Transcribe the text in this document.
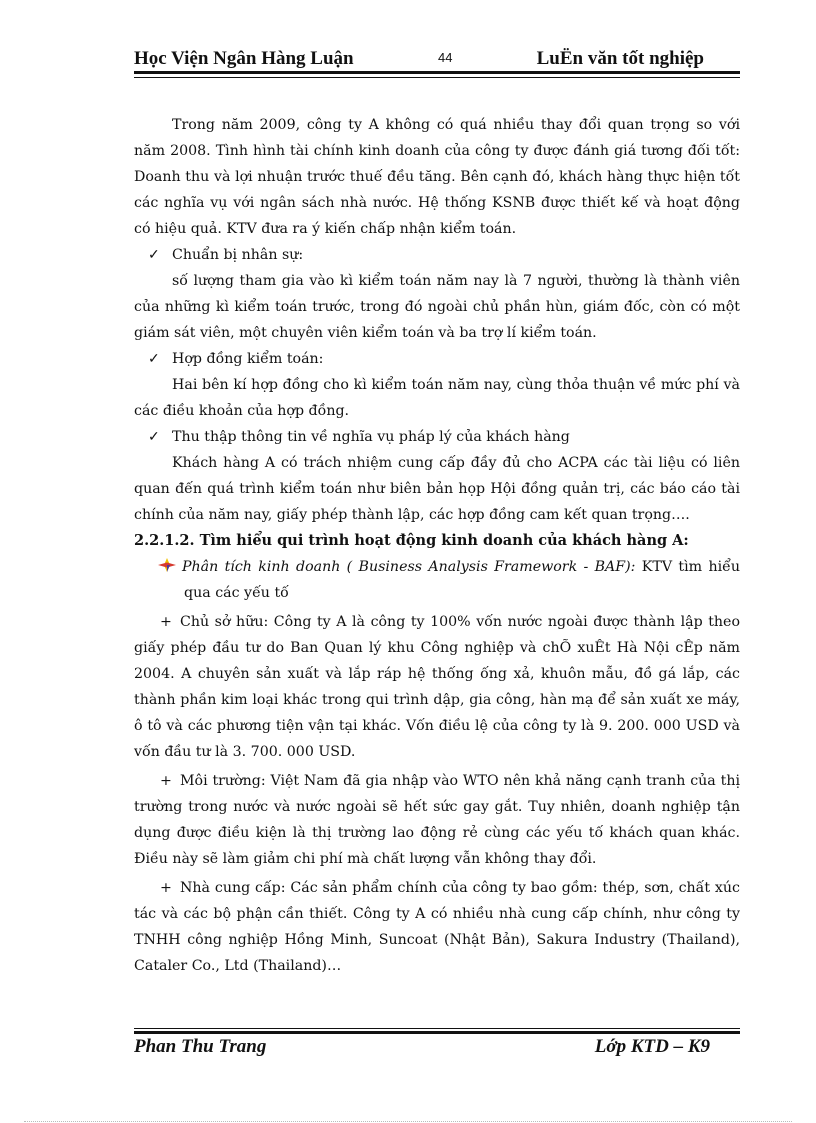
Học Viện Ngân Hàng Luận	44	LuËn văn tốt nghiệp

Trong năm 2009, công ty A không có quá nhiều thay đổi quan trọng so với năm 2008. Tình hình tài chính kinh doanh của công ty được đánh giá tương đối tốt: Doanh thu và lợi nhuận trước thuế đều tăng. Bên cạnh đó, khách hàng thực hiện tốt các nghĩa vụ với ngân sách nhà nước. Hệ thống KSNB được thiết kế và hoạt động có hiệu quả. KTV đưa ra ý kiến chấp nhận kiểm toán.

✓ Chuẩn bị nhân sự:

số lượng tham gia vào kì kiểm toán năm nay là 7 người, thường là thành viên của những kì kiểm toán trước, trong đó ngoài chủ phần hùn, giám đốc, còn có một giám sát viên, một chuyên viên kiểm toán và ba trợ lí kiểm toán.

✓ Hợp đồng kiểm toán:

Hai bên kí hợp đồng cho kì kiểm toán năm nay, cùng thỏa thuận về mức phí và các điều khoản của hợp đồng.

✓ Thu thập thông tin về nghĩa vụ pháp lý của khách hàng

Khách hàng A có trách nhiệm cung cấp đầy đủ cho ACPA các tài liệu có liên quan đến quá trình kiểm toán như biên bản họp Hội đồng quản trị, các báo cáo tài chính của năm nay, giấy phép thành lập, các hợp đồng cam kết quan trọng….

2.2.1.2. Tìm hiểu qui trình hoạt động kinh doanh của khách hàng A:

Phân tích kinh doanh ( Business Analysis Framework - BAF): KTV tìm hiểu qua các yếu tố

+ Chủ sở hữu: Công ty A là công ty 100% vốn nước ngoài được thành lập theo giấy phép đầu tư do Ban Quan lý khu Công nghiệp và chÕ xuÊt Hà Nội cÊp năm 2004. A chuyên sản xuất và lắp ráp hệ thống ống xả, khuôn mẫu, đồ gá lắp, các thành phần kim loại khác trong qui trình dập, gia công, hàn mạ để sản xuất xe máy, ô tô và các phương tiện vận tại khác. Vốn điều lệ của công ty là 9. 200. 000 USD và vốn đầu tư là 3. 700. 000 USD.

+ Môi trường: Việt Nam đã gia nhập vào WTO nên khả năng cạnh tranh của thị trường trong nước và nước ngoài sẽ hết sức gay gắt. Tuy nhiên, doanh nghiệp tận dụng được điều kiện là thị trường lao động rẻ cùng các yếu tố khách quan khác. Điều này sẽ làm giảm chi phí mà chất lượng vẫn không thay đổi.

+ Nhà cung cấp: Các sản phẩm chính của công ty bao gồm: thép, sơn, chất xúc tác và các bộ phận cần thiết. Công ty A có nhiều nhà cung cấp chính, như công ty TNHH công nghiệp Hồng Minh, Suncoat (Nhật Bản), Sakura Industry (Thailand), Cataler Co., Ltd (Thailand)…

Phan Thu Trang	Lớp KTD – K9
